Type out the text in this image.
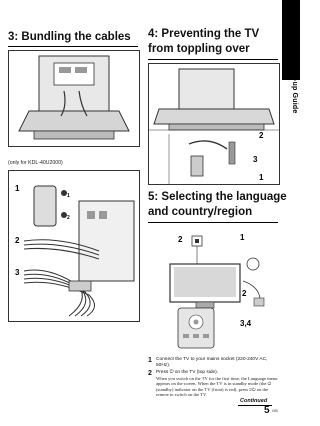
Start-up Guide
3: Bundling the cables
(only for KDL-40U2000)
1
2
3
1
2
4: Preventing the TV
from toppling over
2
3
1
5: Selecting the language
and country/region
2	1
2
3,4
1 Connect the TV to your mains socket (220-240V AC, 50Hz).
2 Press ⏻ on the TV (top side).
When you switch on the TV for the first time, the Language menu appears on the screen. When the TV is in standby mode (the ⏻ (standby) indicator on the TV (front) is red), press I/⏻ on the remote to switch on the TV.
Continued
5 GB
